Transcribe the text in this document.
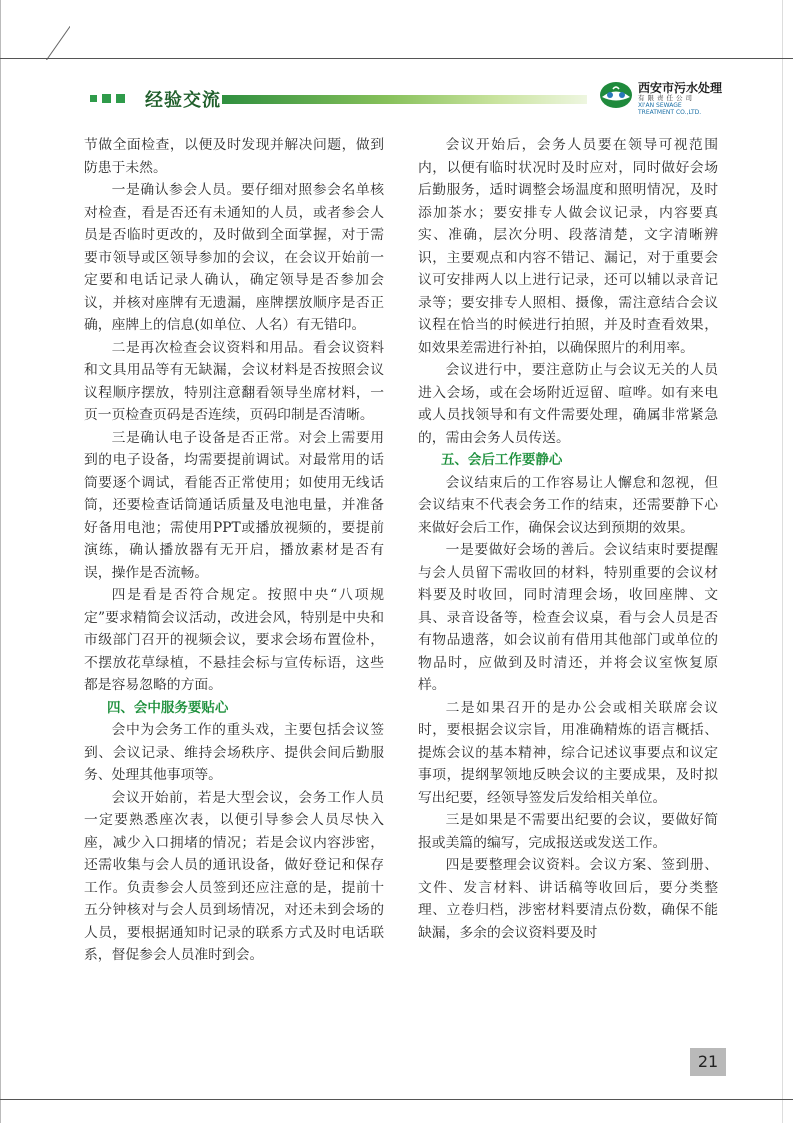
经验交流
西安市污水处理
有限责任公司
XI'AN SEWAGE
TREATMENT CO.,LTD.

节做全面检查，以便及时发现并解决问题，做到防患于未然。

一是确认参会人员。要仔细对照参会名单核对检查，看是否还有未通知的人员，或者参会人员是否临时更改的，及时做到全面掌握，对于需要市领导或区领导参加的会议，在会议开始前一定要和电话记录人确认，确定领导是否参加会议，并核对座牌有无遗漏，座牌摆放顺序是否正确，座牌上的信息(如单位、人名）有无错印。

二是再次检查会议资料和用品。看会议资料和文具用品等有无缺漏，会议材料是否按照会议议程顺序摆放，特别注意翻看领导坐席材料，一页一页检查页码是否连续，页码印制是否清晰。

三是确认电子设备是否正常。对会上需要用到的电子设备，均需要提前调试。对最常用的话筒要逐个调试，看能否正常使用；如使用无线话筒，还要检查话筒通话质量及电池电量，并准备好备用电池；需使用PPT或播放视频的，要提前演练，确认播放器有无开启，播放素材是否有误，操作是否流畅。

四是看是否符合规定。按照中央“八项规定”要求精简会议活动，改进会风，特别是中央和市级部门召开的视频会议，要求会场布置俭朴，不摆放花草绿植，不悬挂会标与宣传标语，这些都是容易忽略的方面。

四、会中服务要贴心

会中为会务工作的重头戏，主要包括会议签到、会议记录、维持会场秩序、提供会间后勤服务、处理其他事项等。

会议开始前，若是大型会议，会务工作人员一定要熟悉座次表，以便引导参会人员尽快入座，减少入口拥堵的情况；若是会议内容涉密，还需收集与会人员的通讯设备，做好登记和保存工作。负责参会人员签到还应注意的是，提前十五分钟核对与会人员到场情况，对还未到会场的人员，要根据通知时记录的联系方式及时电话联系，督促参会人员准时到会。

会议开始后，会务人员要在领导可视范围内，以便有临时状况时及时应对，同时做好会场后勤服务，适时调整会场温度和照明情况，及时添加茶水；要安排专人做会议记录，内容要真实、准确，层次分明、段落清楚，文字清晰辨识，主要观点和内容不错记、漏记，对于重要会议可安排两人以上进行记录，还可以辅以录音记录等；要安排专人照相、摄像，需注意结合会议议程在恰当的时候进行拍照，并及时查看效果，如效果差需进行补拍，以确保照片的利用率。

会议进行中，要注意防止与会议无关的人员进入会场，或在会场附近逗留、喧哗。如有来电或人员找领导和有文件需要处理，确属非常紧急的，需由会务人员传送。

五、会后工作要静心

会议结束后的工作容易让人懈怠和忽视，但会议结束不代表会务工作的结束，还需要静下心来做好会后工作，确保会议达到预期的效果。

一是要做好会场的善后。会议结束时要提醒与会人员留下需收回的材料，特别重要的会议材料要及时收回，同时清理会场，收回座牌、文具、录音设备等，检查会议桌，看与会人员是否有物品遗落，如会议前有借用其他部门或单位的物品时，应做到及时清还，并将会议室恢复原样。

二是如果召开的是办公会或相关联席会议时，要根据会议宗旨，用准确精炼的语言概括、提炼会议的基本精神，综合记述议事要点和议定事项，提纲挈领地反映会议的主要成果，及时拟写出纪要，经领导签发后发给相关单位。

三是如果是不需要出纪要的会议，要做好简报或美篇的编写，完成报送或发送工作。

四是要整理会议资料。会议方案、签到册、文件、发言材料、讲话稿等收回后，要分类整理、立卷归档，涉密材料要清点份数，确保不能缺漏，多余的会议资料要及时

21
